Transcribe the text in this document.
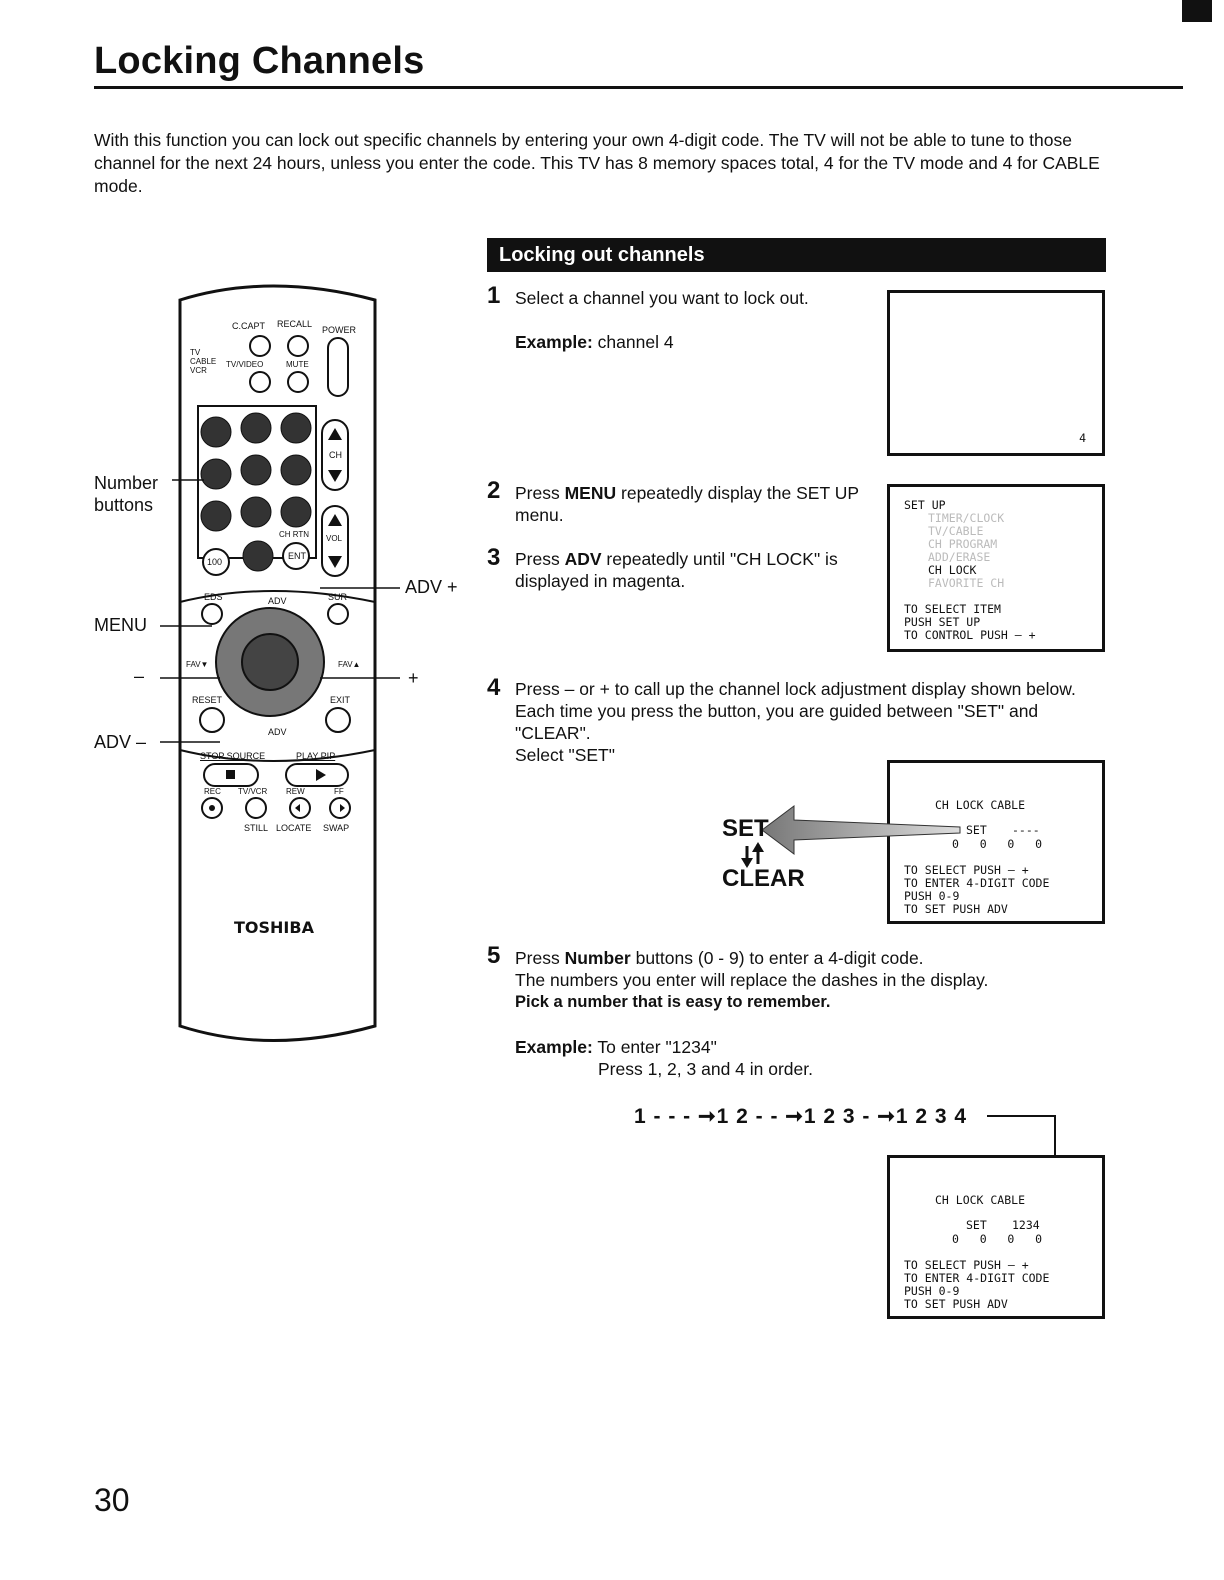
Locking Channels
With this function you can lock out specific channels by entering your own 4-digit code. The TV will not be able to tune to those channel for the next 24 hours, unless you enter the code. This TV has 8 memory spaces total, 4 for the TV mode and 4 for CABLE mode.
Locking out channels
1 Select a channel you want to lock out.
Example: channel 4
4
2 Press MENU repeatedly display the SET UP menu.
3 Press ADV repeatedly until "CH LOCK" is displayed in magenta.
SET UP
TIMER/CLOCK
TV/CABLE
CH PROGRAM
ADD/ERASE
CH LOCK
FAVORITE CH
TO SELECT ITEM
PUSH SET UP
TO CONTROL PUSH – +
4 Press – or + to call up the channel lock adjustment display shown below. Each time you press the button, you are guided between "SET" and "CLEAR".
Select "SET"
CH LOCK CABLE
SET ----
0   0   0   0
TO SELECT PUSH – +
TO ENTER 4-DIGIT CODE
PUSH 0-9
TO SET PUSH ADV
SET
CLEAR
5 Press Number buttons (0 - 9) to enter a 4-digit code.
The numbers you enter will replace the dashes in the display.
Pick a number that is easy to remember.
Example: To enter "1234"
Press 1, 2, 3 and 4 in order.
1 - - - ➞1 2 - - ➞1 2 3 - ➞1 2 3 4
CH LOCK CABLE
SET 1234
0   0   0   0
TO SELECT PUSH – +
TO ENTER 4-DIGIT CODE
PUSH 0-9
TO SET PUSH ADV
C.CAPT RECALL
POWER
TV
CABLE
VCR
TV/VIDEO	MUTE
CH
CH RTN VOL
100
ENT
EDS	ADV	SUR
FAV▼	FAV▲
RESET	EXIT
ADV
STOP SOURCE	PLAY PIP
REC TV/VCR REW	FF
STILL LOCATE SWAP
TOSHIBA
Number
buttons
MENU
–
ADV –
ADV +
+
30
